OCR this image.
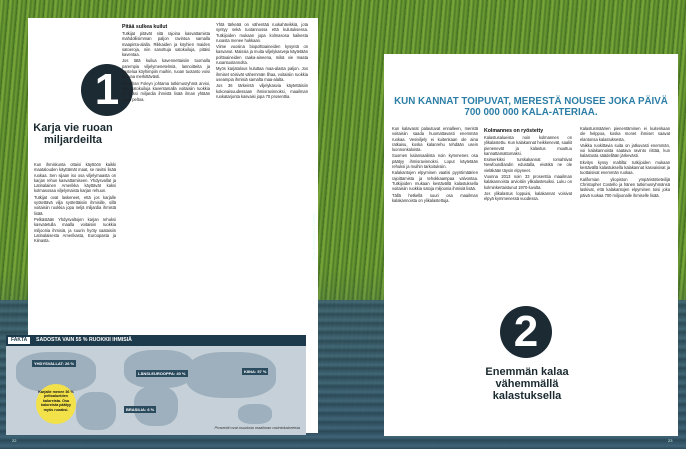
1
Karja vie ruoan miljardeilta

Kun ihmiskunta ottaisi käyttöön kaikki maatalouden käyttämät maat, se ravitsi lisää ruokaa. Sen sijaan iso osa viljelymaasta on karjan rehun kasvattamiseen. Yhdysvallat ja Latinalainen Amerikka käyttävät kaksi kolmasosaa viljelymaista karjan rehuun.

Tutkijat ovat laskeneet, että jos karjalle syötettävä vilja syötettäisiin ihmisille, sillä voitaisiin ruokkia jopa neljä miljardia ihmistä lisää.

Pelkästään Yhdysvaltojen karjan rehuksi kasvatetulla maalla voitaisiin ruokkia miljoonia ihmisiä, ja suurin hyöty saataisiin Latinalaisesta Amerikasta, Euroopasta ja Kiinasta.

Pitää sulkea kuilut

Tutkijat pitävät sitä rajoina kasvattamista mahdollisimman paljon ravintoa samalla maapinta-alalla. Rikkaiden ja köyhien maiden satoeroja, niin sanottuja satokuiluja, pitäisi kaventaa.

Jos tätä kuilua kavennettaisiin tuomalla parempia viljelymenetelmiä, lannoitteita ja kastelua köyhimpiin maihin, ruoan tuotanto voisi kasvaa merkittävästi.

Jonathan Foleyn johtama tutkimusryhmä arvioi, että satokuiluja kaventamalla voitaisiin ruokkia yli kaksi miljardia ihmistä lisää ilman yhtään uutta peltoa.

Yhtä tärkeää on vähentää ruokahävikkiä, jota syntyy sekä tuotannossa että kulutuksessa. Tutkijoiden mukaan jopa kolmasosa kaikesta ruoasta menee hukkaan.

Viime vuosina biopolttoaineiden kysyntä on kasvanut. Maissia ja muita viljelykasveja käytetään polttoaineiden raaka-aineena, mikä vie maata ruoantuotannolta.

Myös karjatalous kuluttaa maa-alasta paljon. Jos ihmiset söisivät vähemmän lihaa, voitaisiin ruokkia useampia ihmisiä samalta maa-alalta.

Jos 36 tärkeintä viljelykasvia käytettäisiin kokonaisuudessaan ihmisravinnoksi, maailman ruokatarjonta kasvaisi jopa 70 prosenttia.

FAKTA	SADOSTA VAIN 55 % RUOKKII IHMISIÄ
YHDYSVALLAT: 26 %
LÄNSI-EUROOPPA: 40 %	KIINA: 57 %
BRASILIA: 6 %
Karjalle menee 36 % peltoalueiden kaloreista. Osa kaloreista päätyy myös ruoaksi.
Prosentit ovat osuuksia maailman ravintokaloreista
Kuva: Shutterstock & Pixabay
KUN KANNAT TOIPUVAT, MERESTÄ NOUSEE JOKA PÄIVÄ 700 000 000 KALA-ATERIAA.

Kun kalavarat palautuvat ennalleen, meristä voitaisiin saada huomattavasti enemmän ruokaa. Vesiviljely ei kuitenkaan ole aina ratkaisu, koska kalanrehu tehdään usein luonnonkaloista.

Suomen kalansaaliista noin kymmenes osa päätyy ihmisravinnoksi. Loput käytetään rehuksi ja muihin tarkoituksiin.

Kalakantojen elpyminen vaatisi pyyntimäärien rajoittamista ja tehokkaampaa valvontaa. Tutkijoiden mukaan kestävällä kalastuksella voitaisiin ruokkia satoja miljoonia ihmisiä lisää.

Tällä hetkellä suuri osa maailman kalakannoista on ylikalastettuja.

Kolmannes on ryöstetty

Kalastusalueista noin kolmannes on ylikalastettu. Kun kalakannat heikkenevät, saaliit pienenevät ja kalastus muuttuu kannattamattomaksi.

Esimerkiksi turskakannat romahtivat Newfoundlandin edustalla, eivätkä ne ole vieläkään täysin elpyneet.

Vuonna 2013 noin 33 prosenttia maailman kalakannoista arvioitiin ylikalastetuiksi. Luku on kolminkertaistunut 1970-luvulta.

Jos ylikalastus loppuisi, kalakannat voisivat elpyä kymmenessä vuodessa.

2
Enemmän kalaa vähemmällä kalastuksella

Kalastusmäärien pienentäminen ei kuitenkaan ole helppoa, koska monet ihmiset saavat elantonsa kalastuksesta.

Vaikka ruokittavia suita on jatkuvasti enemmän, voi kalakannoista saatava ravinto riittää, kun kalastusta säädellään järkevästi.

Ekvitys kyssy maltilta: tutkijoiden mukaan kestävällä kalastuksella kalakannat kasvaisivat ja tuottaisivat enemmän ruokaa.

Kalifornian yliopiston ympäristötieteilijä Christopher Costello ja hänen tutkimusryhmänsä laskivat, että kalakantojen elpyminen toisi joka päivä ruokaa 700 miljoonalle ihmiselle lisää.

22	23
